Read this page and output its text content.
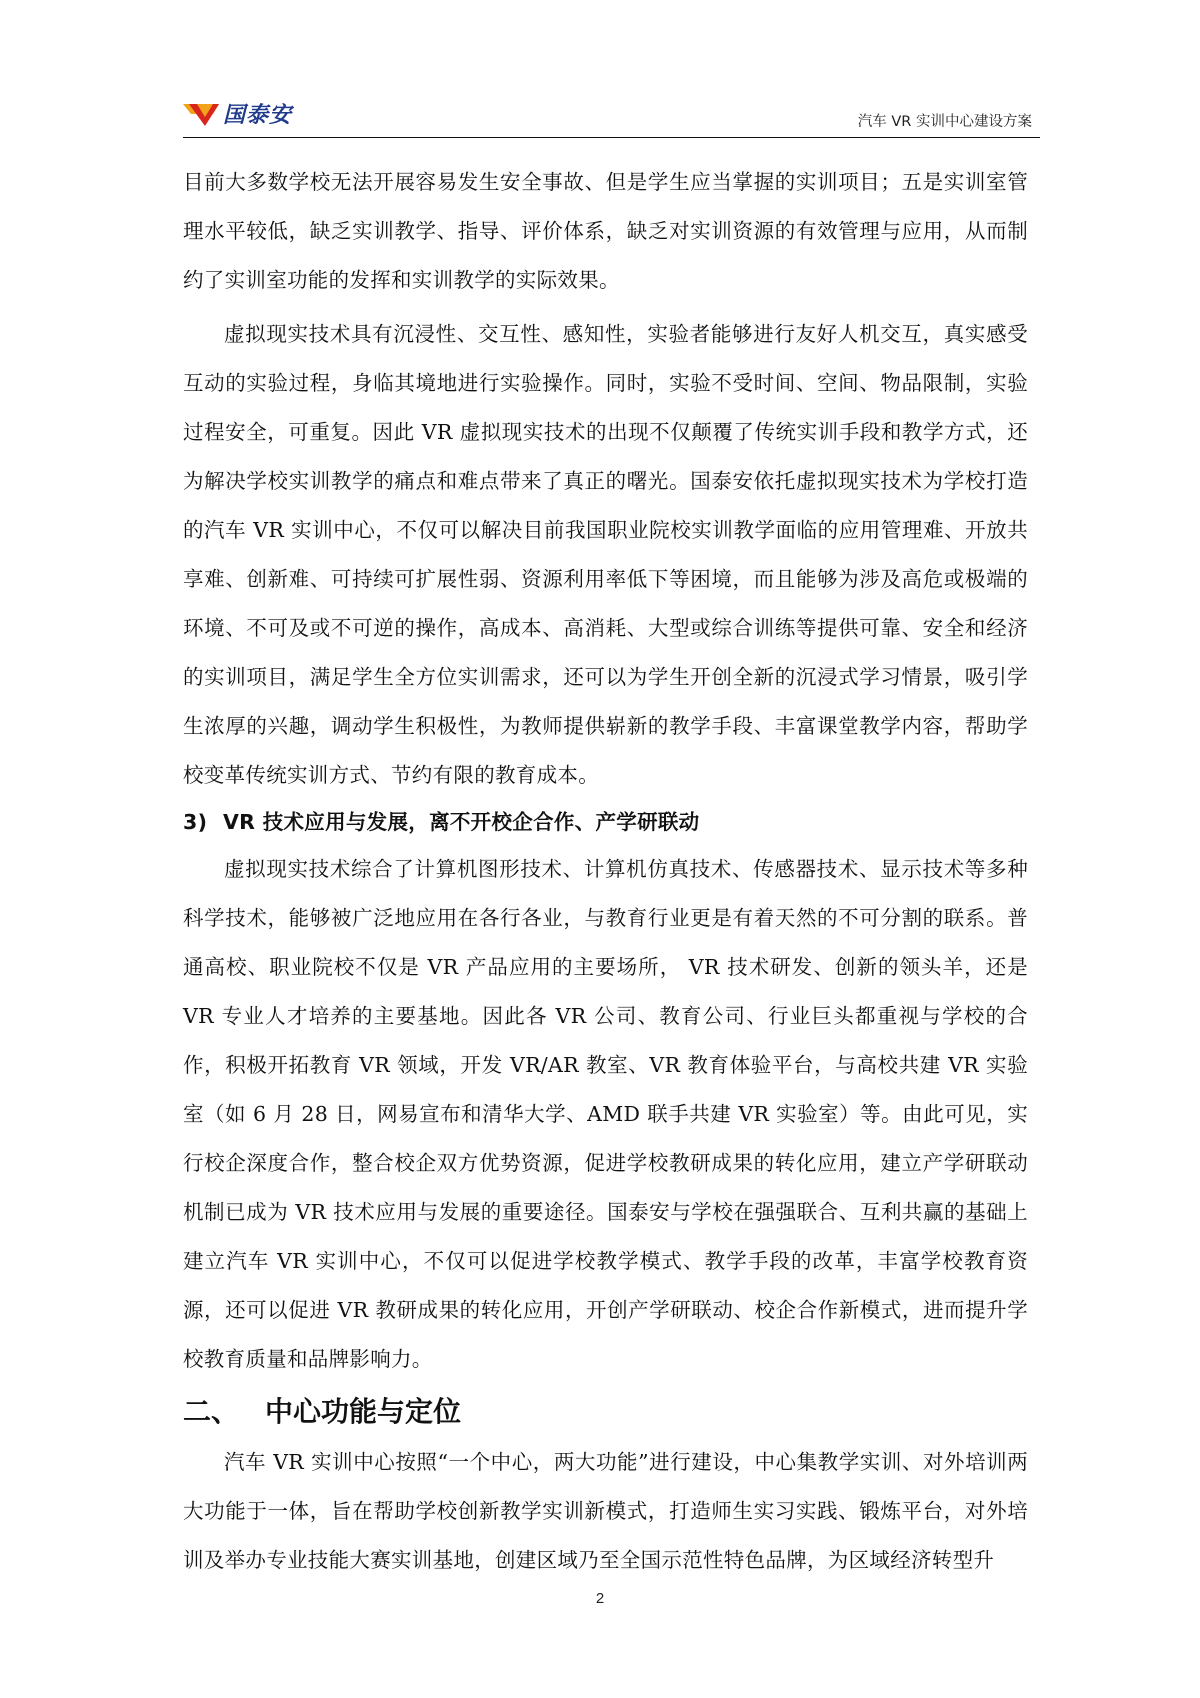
国泰安	汽车 VR 实训中心建设方案

目前大多数学校无法开展容易发生安全事故、但是学生应当掌握的实训项目；五是实训室管理水平较低，缺乏实训教学、指导、评价体系，缺乏对实训资源的有效管理与应用，从而制约了实训室功能的发挥和实训教学的实际效果。

虚拟现实技术具有沉浸性、交互性、感知性，实验者能够进行友好人机交互，真实感受互动的实验过程，身临其境地进行实验操作。同时，实验不受时间、空间、物品限制，实验过程安全，可重复。因此 VR 虚拟现实技术的出现不仅颠覆了传统实训手段和教学方式，还为解决学校实训教学的痛点和难点带来了真正的曙光。国泰安依托虚拟现实技术为学校打造的汽车 VR 实训中心，不仅可以解决目前我国职业院校实训教学面临的应用管理难、开放共享难、创新难、可持续可扩展性弱、资源利用率低下等困境，而且能够为涉及高危或极端的环境、不可及或不可逆的操作，高成本、高消耗、大型或综合训练等提供可靠、安全和经济的实训项目，满足学生全方位实训需求，还可以为学生开创全新的沉浸式学习情景，吸引学生浓厚的兴趣，调动学生积极性，为教师提供崭新的教学手段、丰富课堂教学内容，帮助学校变革传统实训方式、节约有限的教育成本。

3) VR 技术应用与发展，离不开校企合作、产学研联动

虚拟现实技术综合了计算机图形技术、计算机仿真技术、传感器技术、显示技术等多种科学技术，能够被广泛地应用在各行各业，与教育行业更是有着天然的不可分割的联系。普通高校、职业院校不仅是 VR 产品应用的主要场所， VR 技术研发、创新的领头羊，还是 VR 专业人才培养的主要基地。因此各 VR 公司、教育公司、行业巨头都重视与学校的合作，积极开拓教育 VR 领域，开发 VR/AR 教室、VR 教育体验平台，与高校共建 VR 实验室（如 6 月 28 日，网易宣布和清华大学、AMD 联手共建 VR 实验室）等。由此可见，实行校企深度合作，整合校企双方优势资源，促进学校教研成果的转化应用，建立产学研联动机制已成为 VR 技术应用与发展的重要途径。国泰安与学校在强强联合、互利共赢的基础上建立汽车 VR 实训中心，不仅可以促进学校教学模式、教学手段的改革，丰富学校教育资源，还可以促进 VR 教研成果的转化应用，开创产学研联动、校企合作新模式，进而提升学校教育质量和品牌影响力。

二、 中心功能与定位

汽车 VR 实训中心按照“一个中心，两大功能”进行建设，中心集教学实训、对外培训两大功能于一体，旨在帮助学校创新教学实训新模式，打造师生实习实践、锻炼平台，对外培训及举办专业技能大赛实训基地，创建区域乃至全国示范性特色品牌，为区域经济转型升

2
